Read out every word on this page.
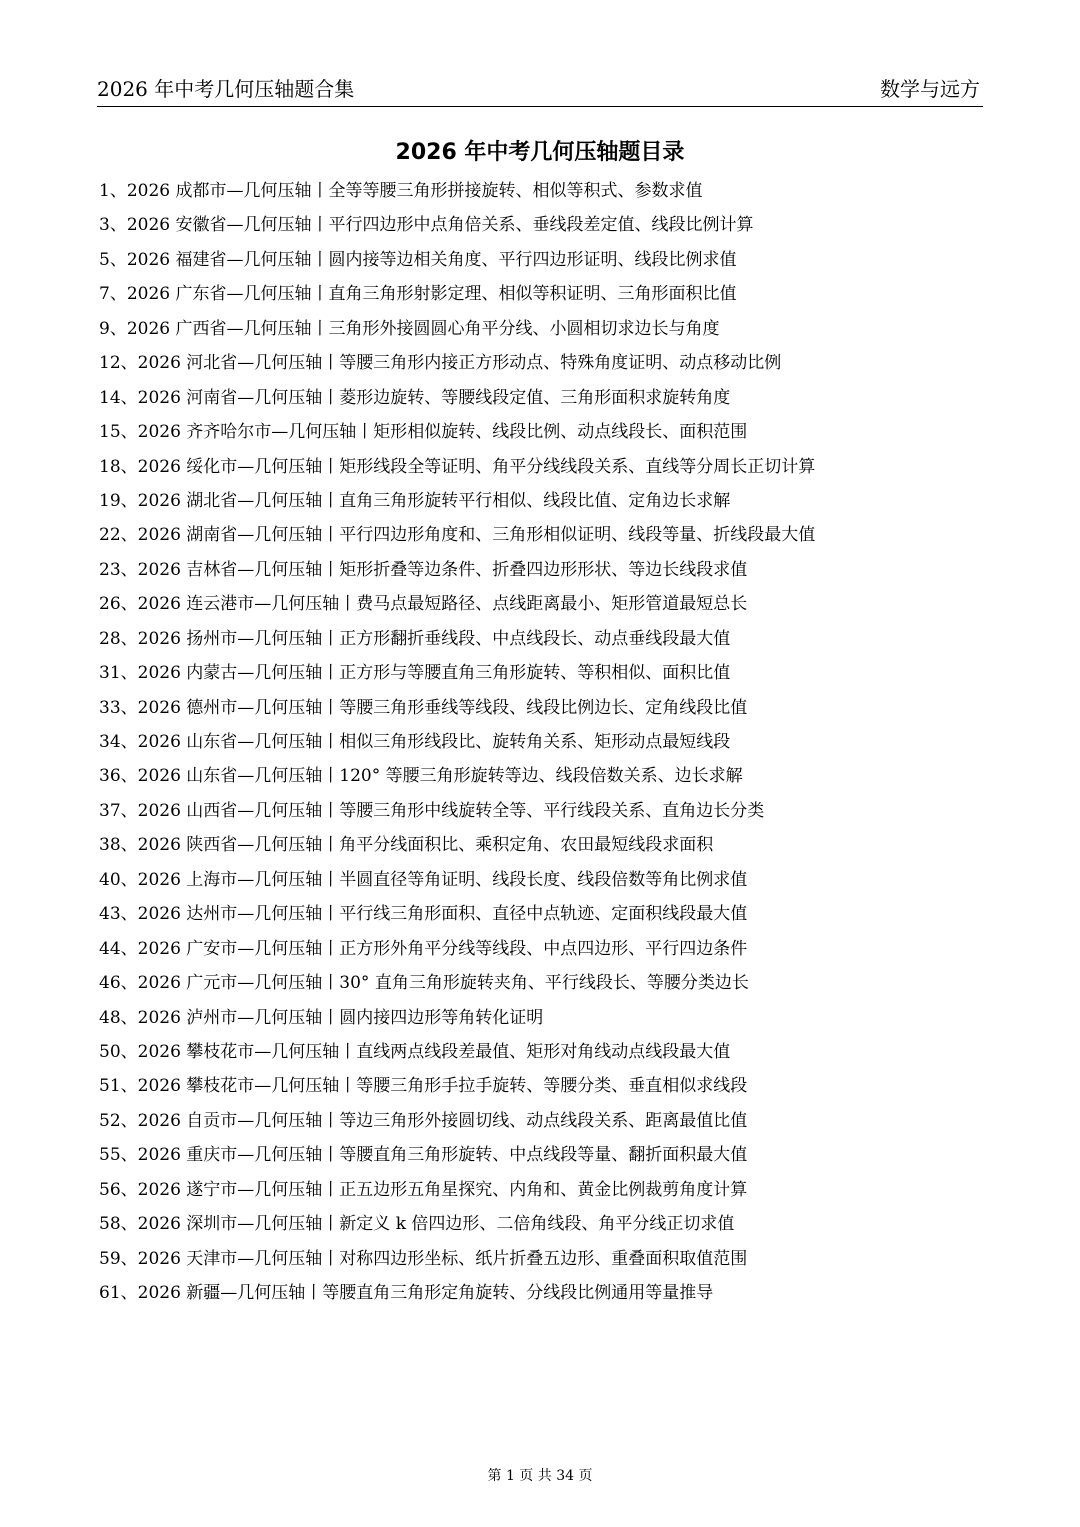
2026 年中考几何压轴题合集	数学与远方
2026 年中考几何压轴题目录
1、2026 成都市—几何压轴丨全等等腰三角形拼接旋转、相似等积式、参数求值
3、2026 安徽省—几何压轴丨平行四边形中点角倍关系、垂线段差定值、线段比例计算
5、2026 福建省—几何压轴丨圆内接等边相关角度、平行四边形证明、线段比例求值
7、2026 广东省—几何压轴丨直角三角形射影定理、相似等积证明、三角形面积比值
9、2026 广西省—几何压轴丨三角形外接圆圆心角平分线、小圆相切求边长与角度
12、2026 河北省—几何压轴丨等腰三角形内接正方形动点、特殊角度证明、动点移动比例
14、2026 河南省—几何压轴丨菱形边旋转、等腰线段定值、三角形面积求旋转角度
15、2026 齐齐哈尔市—几何压轴丨矩形相似旋转、线段比例、动点线段长、面积范围
18、2026 绥化市—几何压轴丨矩形线段全等证明、角平分线线段关系、直线等分周长正切计算
19、2026 湖北省—几何压轴丨直角三角形旋转平行相似、线段比值、定角边长求解
22、2026 湖南省—几何压轴丨平行四边形角度和、三角形相似证明、线段等量、折线段最大值
23、2026 吉林省—几何压轴丨矩形折叠等边条件、折叠四边形形状、等边长线段求值
26、2026 连云港市—几何压轴丨费马点最短路径、点线距离最小、矩形管道最短总长
28、2026 扬州市—几何压轴丨正方形翻折垂线段、中点线段长、动点垂线段最大值
31、2026 内蒙古—几何压轴丨正方形与等腰直角三角形旋转、等积相似、面积比值
33、2026 德州市—几何压轴丨等腰三角形垂线等线段、线段比例边长、定角线段比值
34、2026 山东省—几何压轴丨相似三角形线段比、旋转角关系、矩形动点最短线段
36、2026 山东省—几何压轴丨120° 等腰三角形旋转等边、线段倍数关系、边长求解
37、2026 山西省—几何压轴丨等腰三角形中线旋转全等、平行线段关系、直角边长分类
38、2026 陕西省—几何压轴丨角平分线面积比、乘积定角、农田最短线段求面积
40、2026 上海市—几何压轴丨半圆直径等角证明、线段长度、线段倍数等角比例求值
43、2026 达州市—几何压轴丨平行线三角形面积、直径中点轨迹、定面积线段最大值
44、2026 广安市—几何压轴丨正方形外角平分线等线段、中点四边形、平行四边条件
46、2026 广元市—几何压轴丨30° 直角三角形旋转夹角、平行线段长、等腰分类边长
48、2026 泸州市—几何压轴丨圆内接四边形等角转化证明
50、2026 攀枝花市—几何压轴丨直线两点线段差最值、矩形对角线动点线段最大值
51、2026 攀枝花市—几何压轴丨等腰三角形手拉手旋转、等腰分类、垂直相似求线段
52、2026 自贡市—几何压轴丨等边三角形外接圆切线、动点线段关系、距离最值比值
55、2026 重庆市—几何压轴丨等腰直角三角形旋转、中点线段等量、翻折面积最大值
56、2026 遂宁市—几何压轴丨正五边形五角星探究、内角和、黄金比例裁剪角度计算
58、2026 深圳市—几何压轴丨新定义 k 倍四边形、二倍角线段、角平分线正切求值
59、2026 天津市—几何压轴丨对称四边形坐标、纸片折叠五边形、重叠面积取值范围
61、2026 新疆—几何压轴丨等腰直角三角形定角旋转、分线段比例通用等量推导
第 1 页 共 34 页
